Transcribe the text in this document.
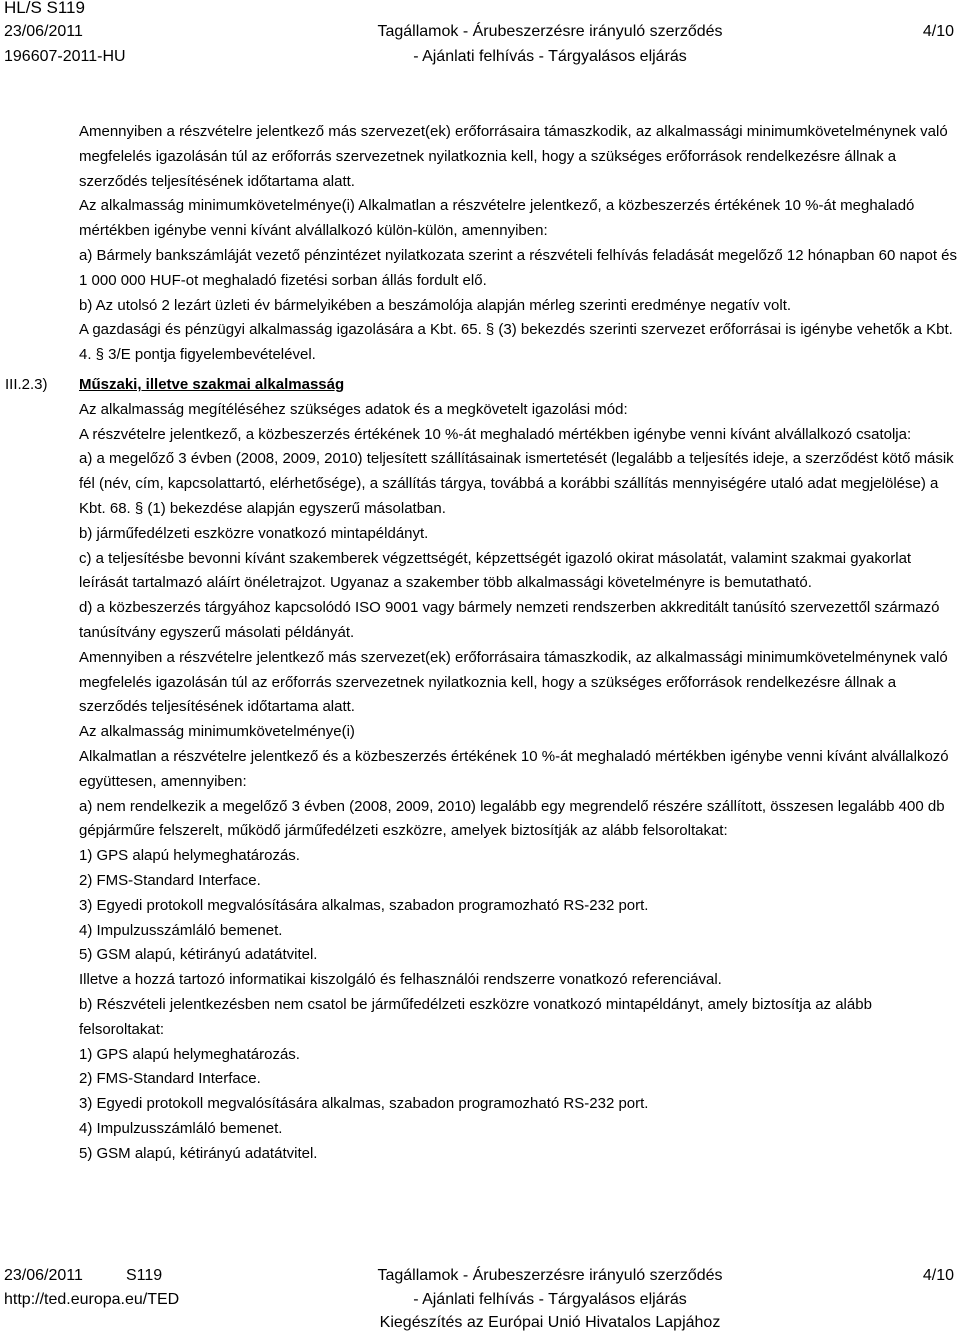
HL/S S119
23/06/2011
196607-2011-HU
Tagállamok - Árubeszerzésre irányuló szerződés
- Ajánlati felhívás - Tárgyalásos eljárás
4/10
III.2.3)

Amennyiben a részvételre jelentkező más szervezet(ek) erőforrásaira támaszkodik, az alkalmassági minimumkövetelménynek való megfelelés igazolásán túl az erőforrás szervezetnek nyilatkoznia kell, hogy a szükséges erőforrások rendelkezésre állnak a szerződés teljesítésének időtartama alatt.

Az alkalmasság minimumkövetelménye(i) Alkalmatlan a részvételre jelentkező, a közbeszerzés értékének 10 %-át meghaladó mértékben igénybe venni kívánt alvállalkozó külön-külön, amennyiben:

a) Bármely bankszámláját vezető pénzintézet nyilatkozata szerint a részvételi felhívás feladását megelőző 12 hónapban 60 napot és 1 000 000 HUF-ot meghaladó fizetési sorban állás fordult elő.

b) Az utolsó 2 lezárt üzleti év bármelyikében a beszámolója alapján mérleg szerinti eredménye negatív volt.

A gazdasági és pénzügyi alkalmasság igazolására a Kbt. 65. § (3) bekezdés szerinti szervezet erőforrásai is igénybe vehetők a Kbt. 4. § 3/E pontja figyelembevételével.

Műszaki, illetve szakmai alkalmasság

Az alkalmasság megítéléséhez szükséges adatok és a megkövetelt igazolási mód:

A részvételre jelentkező, a közbeszerzés értékének 10 %-át meghaladó mértékben igénybe venni kívánt alvállalkozó csatolja:

a) a megelőző 3 évben (2008, 2009, 2010) teljesített szállításainak ismertetését (legalább a teljesítés ideje, a szerződést kötő másik fél (név, cím, kapcsolattartó, elérhetősége), a szállítás tárgya, továbbá a korábbi szállítás mennyiségére utaló adat megjelölése) a Kbt. 68. § (1) bekezdése alapján egyszerű másolatban.

b) járműfedélzeti eszközre vonatkozó mintapéldányt.

c) a teljesítésbe bevonni kívánt szakemberek végzettségét, képzettségét igazoló okirat másolatát, valamint szakmai gyakorlat leírását tartalmazó aláírt önéletrajzot. Ugyanaz a szakember több alkalmassági követelményre is bemutatható.

d) a közbeszerzés tárgyához kapcsolódó ISO 9001 vagy bármely nemzeti rendszerben akkreditált tanúsító szervezettől származó tanúsítvány egyszerű másolati példányát.

Amennyiben a részvételre jelentkező más szervezet(ek) erőforrásaira támaszkodik, az alkalmassági minimumkövetelménynek való megfelelés igazolásán túl az erőforrás szervezetnek nyilatkoznia kell, hogy a szükséges erőforrások rendelkezésre állnak a szerződés teljesítésének időtartama alatt.

Az alkalmasság minimumkövetelménye(i)

Alkalmatlan a részvételre jelentkező és a közbeszerzés értékének 10 %-át meghaladó mértékben igénybe venni kívánt alvállalkozó együttesen, amennyiben:

a) nem rendelkezik a megelőző 3 évben (2008, 2009, 2010) legalább egy megrendelő részére szállított, összesen legalább 400 db gépjárműre felszerelt, működő járműfedélzeti eszközre, amelyek biztosítják az alább felsoroltakat:

1) GPS alapú helymeghatározás.

2) FMS-Standard Interface.

3) Egyedi protokoll megvalósítására alkalmas, szabadon programozható RS-232 port.

4) Impulzusszámláló bemenet.

5) GSM alapú, kétirányú adatátvitel.

Illetve a hozzá tartozó informatikai kiszolgáló és felhasználói rendszerre vonatkozó referenciával.

b) Részvételi jelentkezésben nem csatol be járműfedélzeti eszközre vonatkozó mintapéldányt, amely biztosítja az alább felsoroltakat:

1) GPS alapú helymeghatározás.

2) FMS-Standard Interface.

3) Egyedi protokoll megvalósítására alkalmas, szabadon programozható RS-232 port.

4) Impulzusszámláló bemenet.

5) GSM alapú, kétirányú adatátvitel.

23/06/2011	S119
http://ted.europa.eu/TED
Tagállamok - Árubeszerzésre irányuló szerződés
- Ajánlati felhívás - Tárgyalásos eljárás
Kiegészítés az Európai Unió Hivatalos Lapjához
4/10
